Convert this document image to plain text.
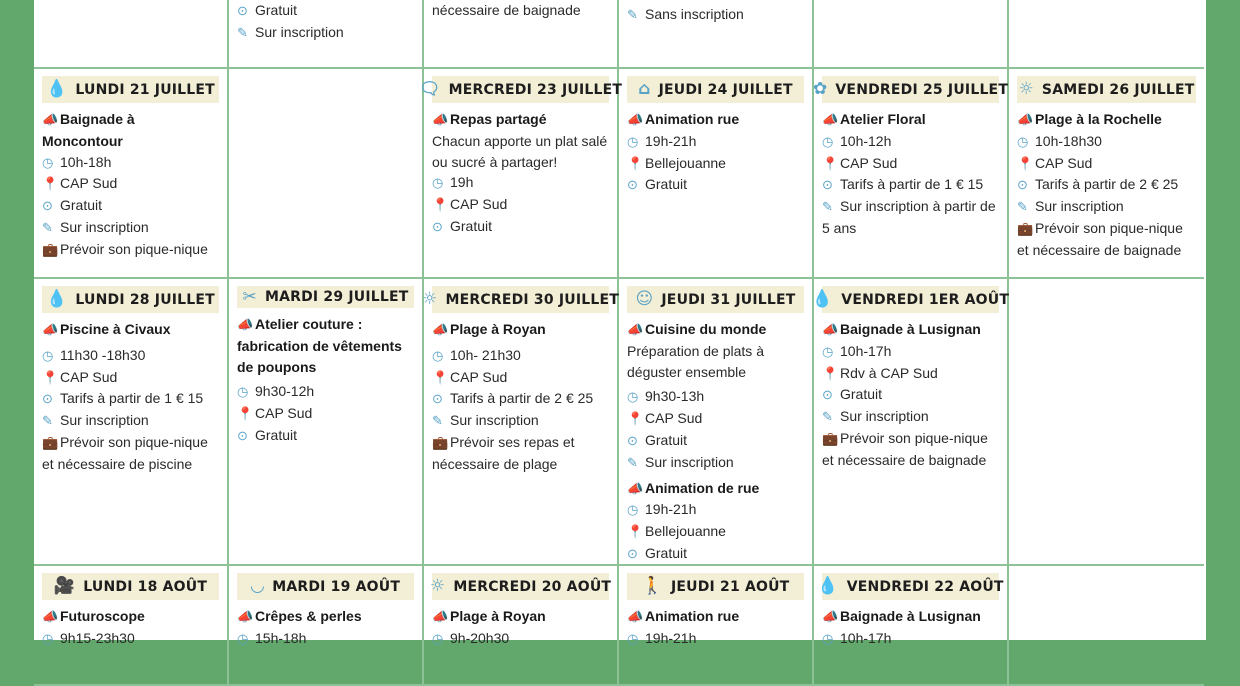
⊙ Gratuit
✎ Sur inscription
nécessaire de baignade	✎ Sans inscription
💧 LUNDI 21 JUILLET
📣 Baignade à Moncontour
◷ 10h-18h
📍 CAP Sud
⊙ Gratuit
✎ Sur inscription
💼 Prévoir son pique-nique
🗨 MERCREDI 23 JUILLET
📣 Repas partagé
Chacun apporte un plat salé ou sucré à partager!
◷ 19h
📍 CAP Sud
⊙ Gratuit
⌂ JEUDI 24 JUILLET
📣 Animation rue
◷ 19h-21h
📍 Bellejouanne
⊙ Gratuit
✿ VENDREDI 25 JUILLET
📣 Atelier Floral
◷ 10h-12h
📍 CAP Sud
⊙ Tarifs à partir de 1 € 15
✎ Sur inscription à partir de 5 ans
☼ SAMEDI 26 JUILLET
📣 Plage à la Rochelle
◷ 10h-18h30
📍 CAP Sud
⊙ Tarifs à partir de 2 € 25
✎ Sur inscription
💼 Prévoir son pique-nique et nécessaire de baignade
💧 LUNDI 28 JUILLET
📣 Piscine à Civaux
◷ 11h30 -18h30
📍 CAP Sud
⊙ Tarifs à partir de 1 € 15
✎ Sur inscription
💼 Prévoir son pique-nique et nécessaire de piscine
✂ MARDI 29 JUILLET
📣 Atelier couture : fabrication de vêtements de poupons
◷ 9h30-12h
📍 CAP Sud
⊙ Gratuit
☼ MERCREDI 30 JUILLET
📣 Plage à Royan
◷ 10h- 21h30
📍 CAP Sud
⊙ Tarifs à partir de 2 € 25
✎ Sur inscription
💼 Prévoir ses repas et nécessaire de plage
☺ JEUDI 31 JUILLET
📣 Cuisine du monde
Préparation de plats à déguster ensemble
◷ 9h30-13h
📍 CAP Sud
⊙ Gratuit
✎ Sur inscription
📣 Animation de rue
◷ 19h-21h
📍 Bellejouanne
⊙ Gratuit
💧 VENDREDI 1ER AOÛT
📣 Baignade à Lusignan
◷ 10h-17h
📍 Rdv à CAP Sud
⊙ Gratuit
✎ Sur inscription
💼 Prévoir son pique-nique et nécessaire de baignade
🎥 LUNDI 18 AOÛT
📣 Futuroscope
◷ 9h15-23h30
◡ MARDI 19 AOÛT
📣 Crêpes & perles
◷ 15h-18h
☼ MERCREDI 20 AOÛT
📣 Plage à Royan
◷ 9h-20h30
🚶 JEUDI 21 AOÛT
📣 Animation rue
◷ 19h-21h
💧 VENDREDI 22 AOÛT
📣 Baignade à Lusignan
◷ 10h-17h
